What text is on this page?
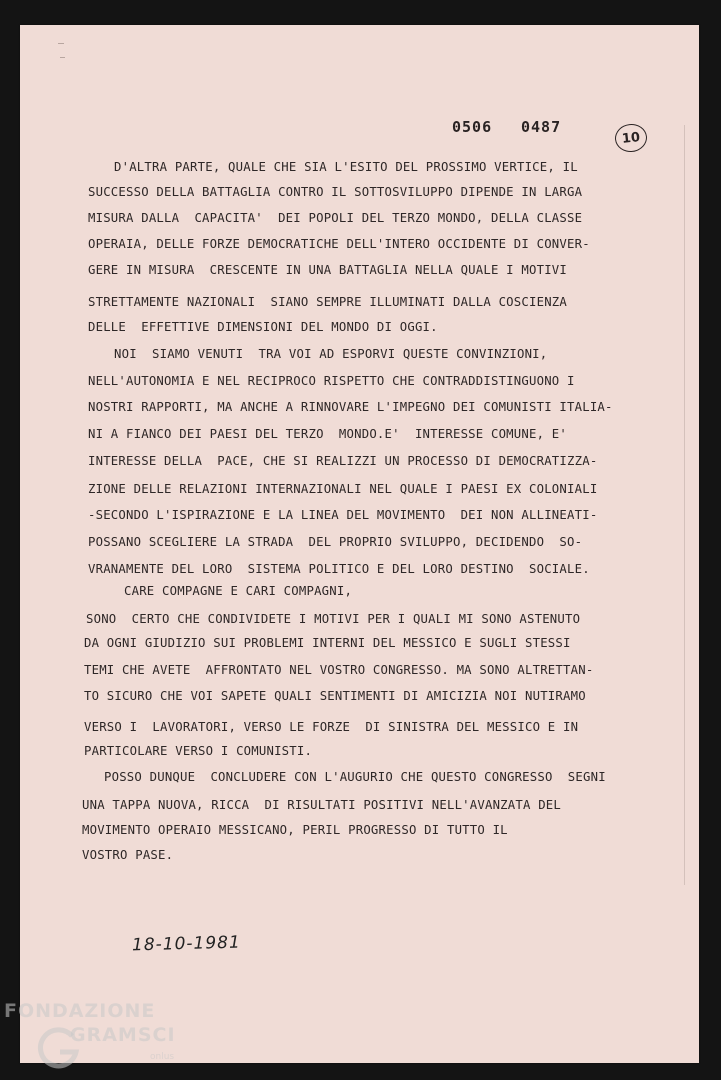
0506 0487
10
D'ALTRA PARTE, QUALE CHE SIA L'ESITO DEL PROSSIMO VERTICE, IL
SUCCESSO DELLA BATTAGLIA CONTRO IL SOTTOSVILUPPO DIPENDE IN LARGA
MISURA DALLA  CAPACITA'  DEI POPOLI DEL TERZO MONDO, DELLA CLASSE
OPERAIA, DELLE FORZE DEMOCRATICHE DELL'INTERO OCCIDENTE DI CONVER-
GERE IN MISURA  CRESCENTE IN UNA BATTAGLIA NELLA QUALE I MOTIVI
STRETTAMENTE NAZIONALI  SIANO SEMPRE ILLUMINATI DALLA COSCIENZA
DELLE  EFFETTIVE DIMENSIONI DEL MONDO DI OGGI.
NOI  SIAMO VENUTI  TRA VOI AD ESPORVI QUESTE CONVINZIONI,
NELL'AUTONOMIA E NEL RECIPROCO RISPETTO CHE CONTRADDISTINGUONO I
NOSTRI RAPPORTI, MA ANCHE A RINNOVARE L'IMPEGNO DEI COMUNISTI ITALIA-
NI A FIANCO DEI PAESI DEL TERZO  MONDO.E'  INTERESSE COMUNE, E'
INTERESSE DELLA  PACE, CHE SI REALIZZI UN PROCESSO DI DEMOCRATIZZA-
ZIONE DELLE RELAZIONI INTERNAZIONALI NEL QUALE I PAESI EX COLONIALI
-SECONDO L'ISPIRAZIONE E LA LINEA DEL MOVIMENTO  DEI NON ALLINEATI-
POSSANO SCEGLIERE LA STRADA  DEL PROPRIO SVILUPPO, DECIDENDO  SO-
VRANAMENTE DEL LORO  SISTEMA POLITICO E DEL LORO DESTINO  SOCIALE.
CARE COMPAGNE E CARI COMPAGNI,
SONO  CERTO CHE CONDIVIDETE I MOTIVI PER I QUALI MI SONO ASTENUTO
DA OGNI GIUDIZIO SUI PROBLEMI INTERNI DEL MESSICO E SUGLI STESSI
TEMI CHE AVETE  AFFRONTATO NEL VOSTRO CONGRESSO. MA SONO ALTRETTAN-
TO SICURO CHE VOI SAPETE QUALI SENTIMENTI DI AMICIZIA NOI NUTIRAMO
VERSO I  LAVORATORI, VERSO LE FORZE  DI SINISTRA DEL MESSICO E IN
PARTICOLARE VERSO I COMUNISTI.
POSSO DUNQUE  CONCLUDERE CON L'AUGURIO CHE QUESTO CONGRESSO  SEGNI
UNA TAPPA NUOVA, RICCA  DI RISULTATI POSITIVI NELL'AVANZATA DEL
MOVIMENTO OPERAIO MESSICANO, PERIL PROGRESSO DI TUTTO IL
VOSTRO PASE.
18-10-1981
FONDAZIONE
GRAMSCI
onlus
